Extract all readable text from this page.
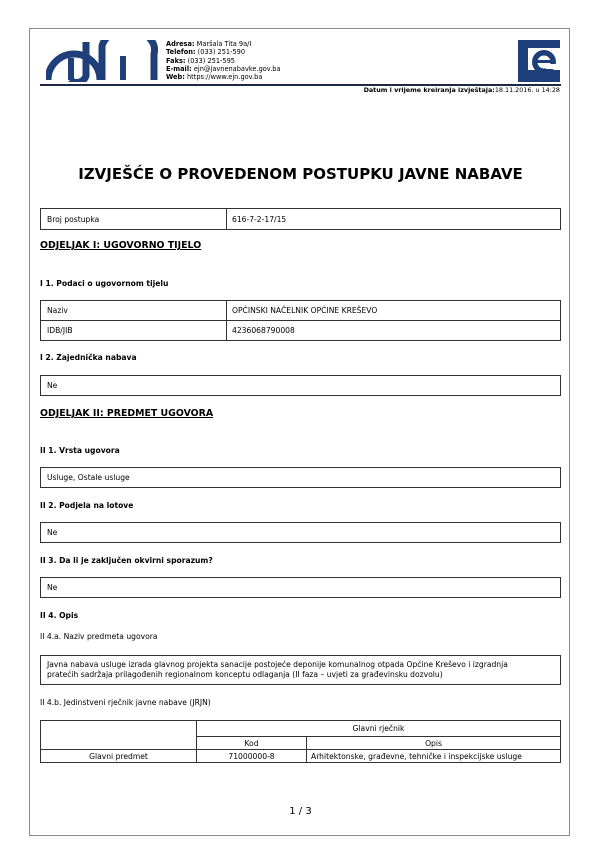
Adresa: Maršala Tita 9a/I
Telefon: (033) 251-590
Faks: (033) 251-595
E-mail: ejn@javnenabavke.gov.ba
Web: https://www.ejn.gov.ba
Datum i vrijeme kreiranja izvještaja:18.11.2016. u 14:28
IZVJEŠĆE O PROVEDENOM POSTUPKU JAVNE NABAVE
Broj postupka	616-7-2-17/15
ODJELJAK I: UGOVORNO TIJELO
I 1. Podaci o ugovornom tijelu
Naziv	OPĆINSKI NAČELNIK OPĆINE KREŠEVO
IDB/JIB	4236068790008
I 2. Zajednička nabava
Ne
ODJELJAK II: PREDMET UGOVORA
II 1. Vrsta ugovora
Usluge, Ostale usluge
II 2. Podjela na lotove
Ne
II 3. Da li je zaključen okvirni sporazum?
Ne
II 4. Opis
II 4.a. Naziv predmeta ugovora
Javna nabava usluge izrada glavnog projekta sanacije postojeće deponije komunalnog otpada Općine Kreševo i izgradnja
pratećih sadržaja prilagođenih regionalnom konceptu odlaganja (II faza – uvjeti za građevinsku dozvolu)
II 4.b. Jedinstveni rječnik javne nabave (JRJN)
	Glavni rječnik	
	Kod	Opis
Glavni predmet	71000000-8	Arhitektonske, građevne, tehničke i inspekcijske usluge
1 / 3
